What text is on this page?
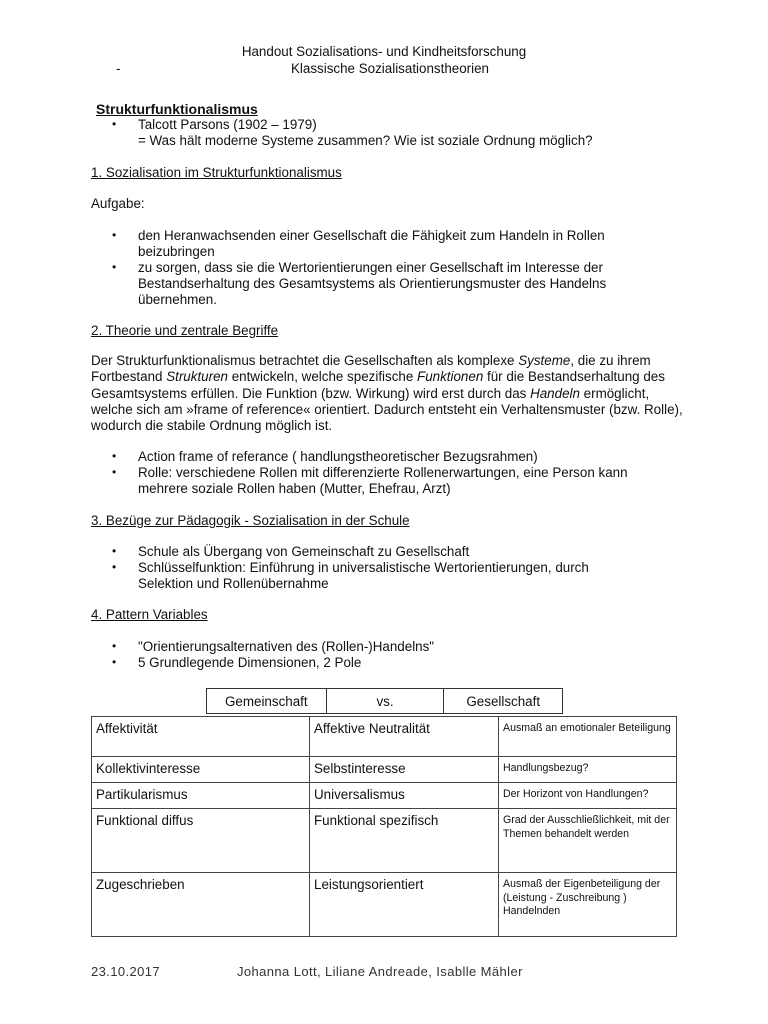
Handout Sozialisations- und Kindheitsforschung
-	Klassische Sozialisationstheorien
Strukturfunktionalismus
• Talcott Parsons (1902 – 1979)
= Was hält moderne Systeme zusammen? Wie ist soziale Ordnung möglich?
1. Sozialisation im Strukturfunktionalismus
Aufgabe:
• den Heranwachsenden einer Gesellschaft die Fähigkeit zum Handeln in Rollen beizubringen
• zu sorgen, dass sie die Wertorientierungen einer Gesellschaft im Interesse der Bestandserhaltung des Gesamtsystems als Orientierungsmuster des Handelns übernehmen.
2. Theorie und zentrale Begriffe
Der Strukturfunktionalismus betrachtet die Gesellschaften als komplexe Systeme, die zu ihrem Fortbestand Strukturen entwickeln, welche spezifische Funktionen für die Bestandserhaltung des Gesamtsystems erfüllen. Die Funktion (bzw. Wirkung) wird erst durch das Handeln ermöglicht, welche sich am »frame of reference« orientiert. Dadurch entsteht ein Verhaltensmuster (bzw. Rolle), wodurch die stabile Ordnung möglich ist.
• Action frame of referance ( handlungstheoretischer Bezugsrahmen)
• Rolle: verschiedene Rollen mit differenzierte Rollenerwartungen, eine Person kann mehrere soziale Rollen haben (Mutter, Ehefrau, Arzt)
3. Bezüge zur Pädagogik - Sozialisation in der Schule
• Schule als Übergang von Gemeinschaft zu Gesellschaft
• Schlüsselfunktion: Einführung in universalistische Wertorientierungen, durch Selektion und Rollenübernahme
4. Pattern Variables
• "Orientierungsalternativen des (Rollen-)Handelns"
• 5 Grundlegende Dimensionen, 2 Pole
Gemeinschaft	vs.	Gesellschaft
Affektivität	Affektive Neutralität	Ausmaß an emotionaler Beteiligung
Kollektivinteresse	Selbstinteresse	Handlungsbezug?
Partikularismus	Universalismus	Der Horizont von Handlungen?
Funktional diffus	Funktional spezifisch	Grad der Ausschließlichkeit, mit der
Themen behandelt werden
Zugeschrieben	Leistungsorientiert	Ausmaß der Eigenbeteiligung der (Leistung - Zuschreibung ) Handelnden
23.10.2017	Johanna Lott, Liliane Andreade, Isablle Mähler
